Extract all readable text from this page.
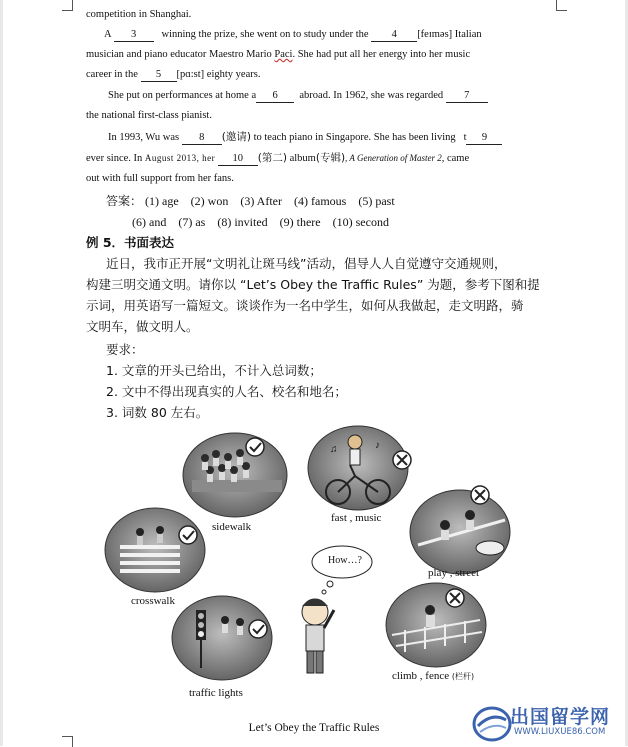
competition in Shanghai.
A 3 winning the prize, she went on to study under the 4 [feɪməs] Italian
musician and piano educator Maestro Mario Paci. She had put all her energy into her music
career in the 5 [pɑ:st] eighty years.
She put on performances at home a 6 abroad. In 1962, she was regarded 7
the national first-class pianist.
In 1993, Wu was 8 (邀请) to teach piano in Singapore. She has been living t 9
ever since. In August 2013, her 10 (第二) album(专辑), A Generation of Master 2, came
out with full support from her fans.
答案： (1) age (2) won (3) After (4) famous (5) past
(6) and (7) as (8) invited (9) there (10) second
例 5．书面表达
近日，我市正开展“文明礼让斑马线”活动，倡导人人自觉遵守交通规则，
构建三明交通文明。请你以 “Let’s Obey the Traffic Rules” 为题，参考下图和提
示词，用英语写一篇短文。谈谈作为一名中学生，如何从我做起，走文明路，骑
文明车，做文明人。
要求：
1. 文章的开头已给出，不计入总词数；
2. 文中不得出现真实的人名、校名和地名；
3. 词数 80 左右。
♪
♫
sidewalk
fast , music
crosswalk
play , street
How…?
traffic lights
climb , fence (栏杆)
Let’s Obey the Traffic Rules	出国留学网
WWW.LIUXUE86.COM
